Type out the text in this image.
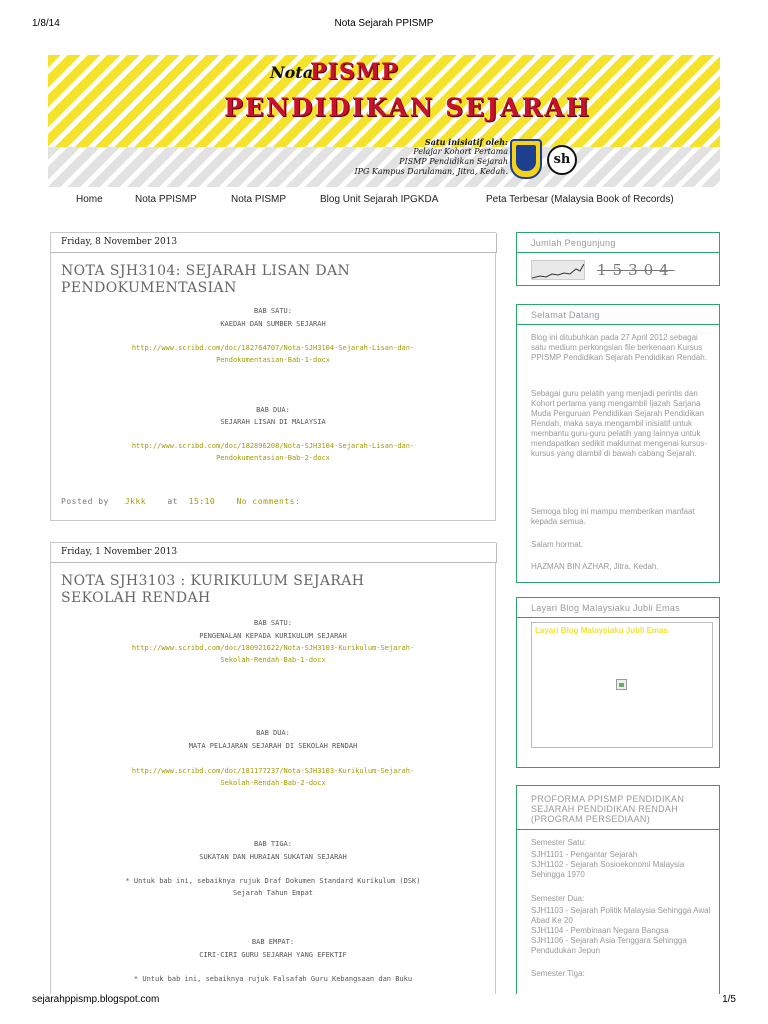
1/8/14	Nota Sejarah PPISMP
Nota
PISMP
PENDIDIKAN SEJARAH
Satu inisiatif oleh:
Pelajar Kohort Pertama
PISMP Pendidikan Sejarah
IPG Kampus Darulaman, Jitra, Kedah.
sh
Home	Nota PPISMP	Nota PISMP	Blog Unit Sejarah IPGKDA	Peta Terbesar (Malaysia Book of Records)
Friday, 8 November 2013
NOTA SJH3104: SEJARAH LISAN DAN PENDOKUMENTASIAN
BAB SATU:
KAEDAH DAN SUMBER SEJARAH
http://www.scribd.com/doc/182764707/Nota-SJH3104-Sejarah-Lisan-dan-
Pendokumentasian-Bab-1-docx
BAB DUA:
SEJARAH LISAN DI MALAYSIA
http://www.scribd.com/doc/182896208/Nota-SJH3104-Sejarah-Lisan-dan-
Pendokumentasian-Bab-2-docx
Posted by Jkkk	at 15:10	No comments:
Friday, 1 November 2013
NOTA SJH3103 : KURIKULUM SEJARAH SEKOLAH RENDAH
BAB SATU:
PENGENALAN KEPADA KURIKULUM SEJARAH
http://www.scribd.com/doc/180921622/Nota-SJH3103-Kurikulum-Sejarah-
Sekolah-Rendah-Bab-1-docx
BAB DUA:
MATA PELAJARAN SEJARAH DI SEKOLAH RENDAH
http://www.scribd.com/doc/181177237/Nota-SJH3103-Kurikulum-Sejarah-
Sekolah-Rendah-Bab-2-docx
BAB TIGA:
SUKATAN DAN HURAIAN SUKATAN SEJARAH
* Untuk bab ini, sebaiknya rujuk Draf Dokumen Standard Kurikulum (DSK)
Sejarah Tahun Empat
BAB EMPAT:
CIRI-CIRI GURU SEJARAH YANG EFEKTIF
* Untuk bab ini, sebaiknya rujuk Falsafah Guru Kebangsaan dan Buku
Jumlah Pengunjung
15304
Selamat Datang
Blog ini ditubuhkan pada 27 April 2012 sebagai satu medium perkongsian file berkenaan Kursus PPISMP Pendidikan Sejarah Pendidikan Rendah.
Sebagai guru pelatih yang menjadi perintis dan Kohort pertama yang mengambil Ijazah Sarjana Muda Perguruan Pendidikan Sejarah Pendidikan Rendah, maka saya mengambil inisiatif untuk membantu guru-guru pelatih yang lainnya untuk mendapatkan sedikit maklumat mengenai kursus-kursus yang diambil di bawah cabang Sejarah.
Semoga blog ini mampu memberikan manfaat kepada semua.
Salam hormat.
HAZMAN BIN AZHAR, Jitra, Kedah.
Layari Blog Malaysiaku Jubli Emas
Layari Blog Malaysiaku Jubli Emas
PROFORMA PPISMP PENDIDIKAN SEJARAH PENDIDIKAN RENDAH (PROGRAM PERSEDIAAN)
Semester Satu:
SJH1101 - Pengantar Sejarah
SJH1102 - Sejarah Sosioekonomi Malaysia Sehingga 1970
Semester Dua:
SJH1103 - Sejarah Politik Malaysia Sehingga Awal Abad Ke 20
SJH1104 - Pembinaan Negara Bangsa
SJH1106 - Sejarah Asia Tenggara Sehingga Pendudukan Jepun
Semester Tiga:
sejarahppismp.blogspot.com	1/5
